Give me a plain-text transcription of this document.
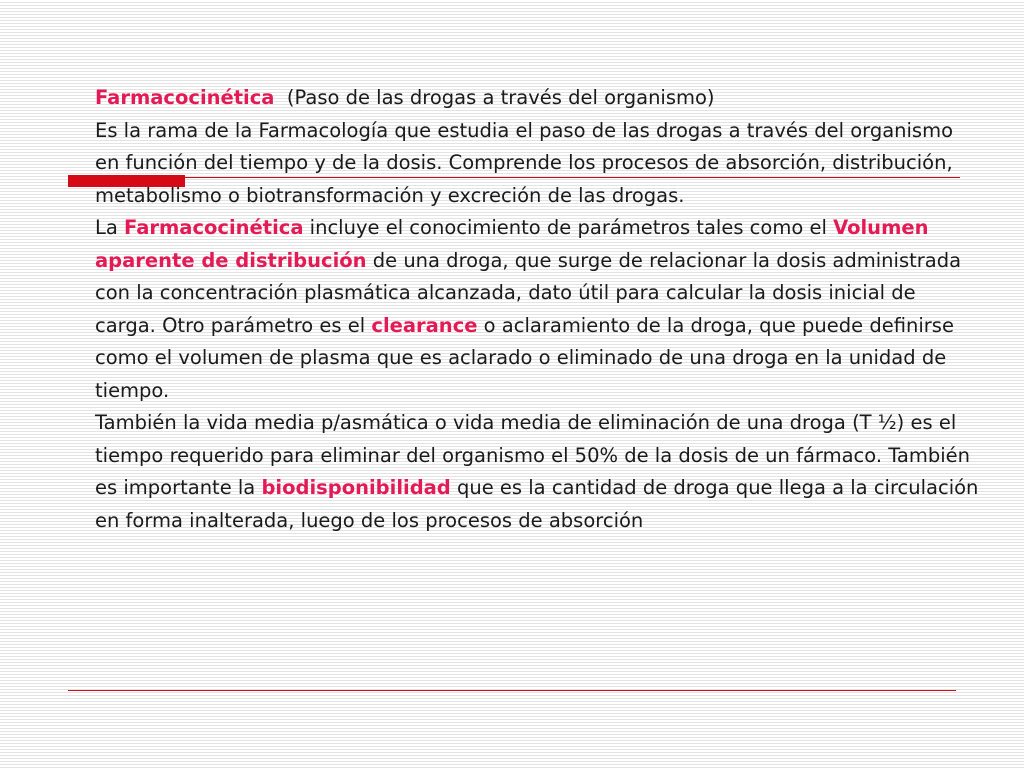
Farmacocinética (Paso de las drogas a través del organismo)

Es la rama de la Farmacología que estudia el paso de las drogas a través del organismo en función del tiempo y de la dosis. Comprende los procesos de absorción, distribución, metabolismo o biotransformación y excreción de las drogas.

La Farmacocinética incluye el conocimiento de parámetros tales como el Volumen aparente de distribución de una droga, que surge de relacionar la dosis administrada con la concentración plasmática alcanzada, dato útil para calcular la dosis inicial de carga. Otro parámetro es el clearance o aclaramiento de la droga, que puede definirse como el volumen de plasma que es aclarado o eliminado de una droga en la unidad de tiempo.

También la vida media p/asmática o vida media de eliminación de una droga (T ½) es el tiempo requerido para eliminar del organismo el 50% de la dosis de un fármaco. También es importante la biodisponibilidad que es la cantidad de droga que llega a la circulación en forma inalterada, luego de los procesos de absorción
